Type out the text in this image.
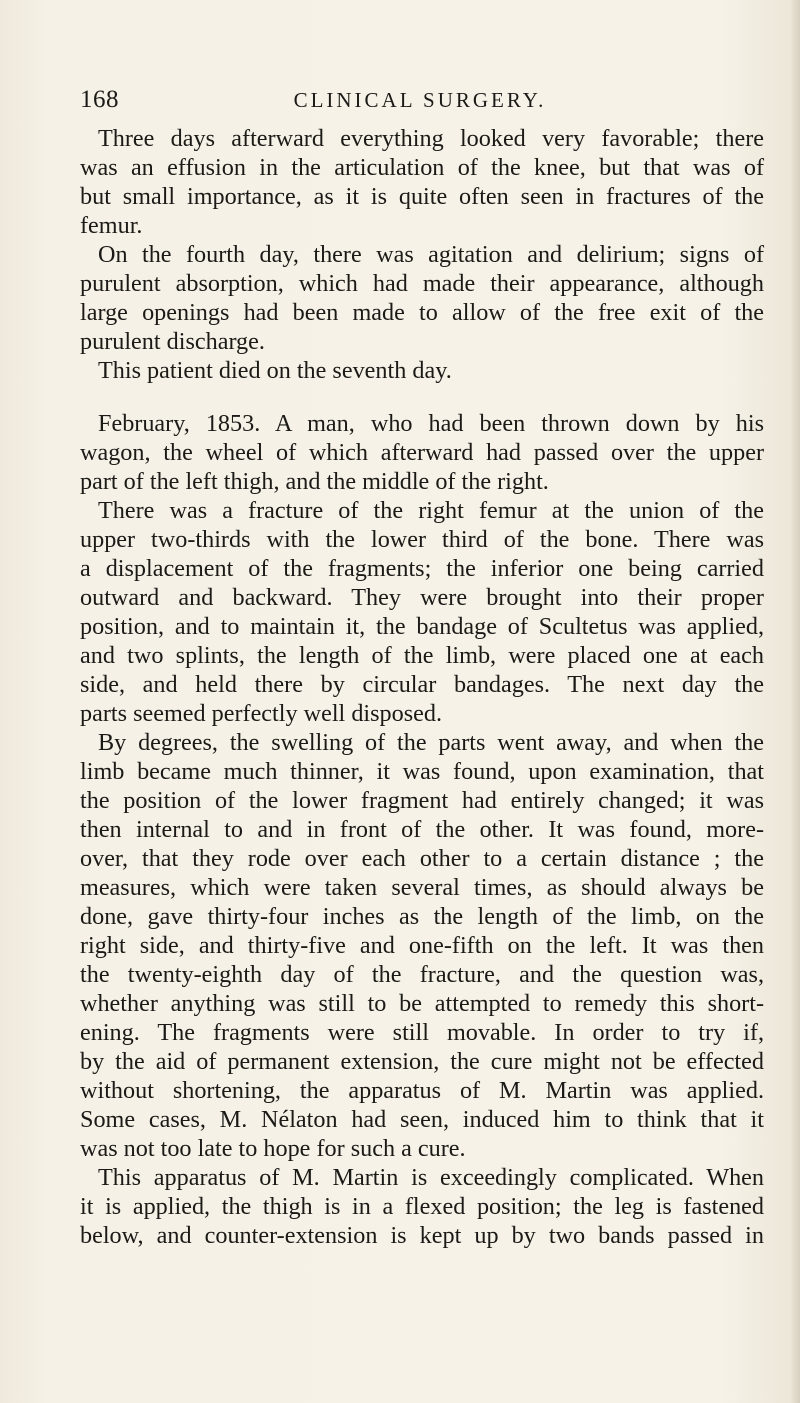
168	CLINICAL SURGERY.
Three days afterward everything looked very favorable; there
was an effusion in the articulation of the knee, but that was of
but small importance, as it is quite often seen in fractures of the
femur.
On the fourth day, there was agitation and delirium; signs of
purulent absorption, which had made their appearance, although
large openings had been made to allow of the free exit of the
purulent discharge.
This patient died on the seventh day.
February, 1853. A man, who had been thrown down by his
wagon, the wheel of which afterward had passed over the upper
part of the left thigh, and the middle of the right.
There was a fracture of the right femur at the union of the
upper two-thirds with the lower third of the bone. There was
a displacement of the fragments; the inferior one being carried
outward and backward. They were brought into their proper
position, and to maintain it, the bandage of Scultetus was applied,
and two splints, the length of the limb, were placed one at each
side, and held there by circular bandages. The next day the
parts seemed perfectly well disposed.
By degrees, the swelling of the parts went away, and when the
limb became much thinner, it was found, upon examination, that
the position of the lower fragment had entirely changed; it was
then internal to and in front of the other. It was found, more-
over, that they rode over each other to a certain distance ; the
measures, which were taken several times, as should always be
done, gave thirty-four inches as the length of the limb, on the
right side, and thirty-five and one-fifth on the left. It was then
the twenty-eighth day of the fracture, and the question was,
whether anything was still to be attempted to remedy this short-
ening. The fragments were still movable. In order to try if,
by the aid of permanent extension, the cure might not be effected
without shortening, the apparatus of M. Martin was applied.
Some cases, M. Nélaton had seen, induced him to think that it
was not too late to hope for such a cure.
This apparatus of M. Martin is exceedingly complicated. When
it is applied, the thigh is in a flexed position; the leg is fastened
below, and counter-extension is kept up by two bands passed in
